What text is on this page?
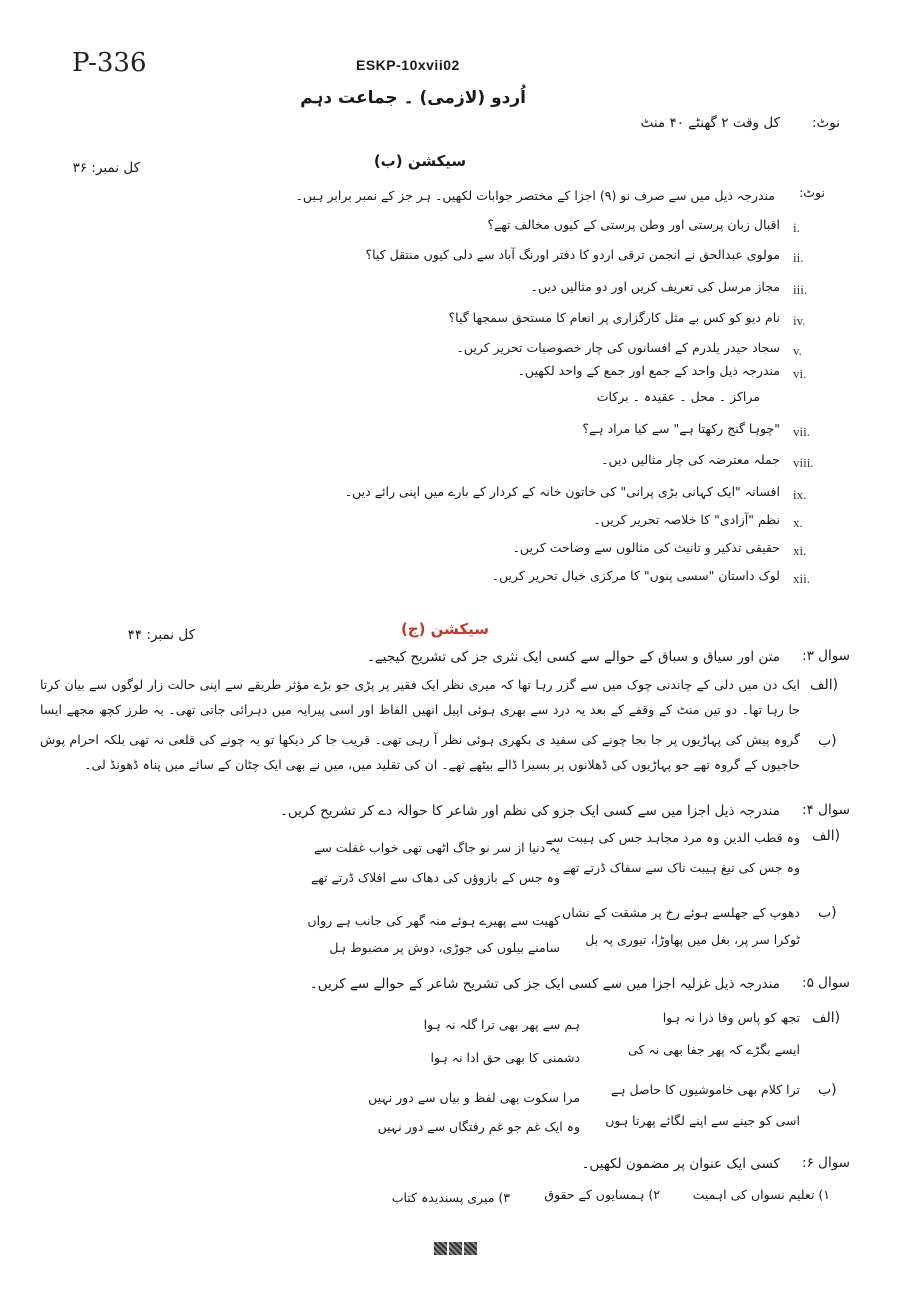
P-336	ESKP-10xvii02
اُردو (لازمی) ۔ جماعت دہم
نوٹ:
کل وقت ۲ گھنٹے ۴۰ منٹ
سیکشن (ب)
کل نمبر: ۳۶
نوٹ:
مندرجہ ذیل میں سے صرف نو (۹) اجزا کے مختصر جوابات لکھیں۔ ہر جز کے نمبر برابر ہیں۔
i.
اقبال زبان پرستی اور وطن پرستی کے کیوں مخالف تھے؟
ii.
مولوی عبدالحق نے انجمن ترقی اردو کا دفتر اورنگ آباد سے دلی کیوں منتقل کیا؟
iii.
مجاز مرسل کی تعریف کریں اور دو مثالیں دیں۔
iv.
نام دیو کو کس بے مثل کارگزاری پر انعام کا مستحق سمجھا گیا؟
v.
سجاد حیدر یلدرم کے افسانوں کی چار خصوصیات تحریر کریں۔
vi.
مندرجہ ذیل واحد کے جمع اور جمع کے واحد لکھیں۔
مراکز ۔ محل ۔ عقیدہ ۔ برکات
vii.
"چوہا گنج رکھتا ہے" سے کیا مراد ہے؟
viii.
جملہ معترضہ کی چار مثالیں دیں۔
ix.
افسانہ "ایک کہانی بڑی پرانی" کی خاتون خانہ کے کردار کے بارے میں اپنی رائے دیں۔
x.
نظم "آزادی" کا خلاصہ تحریر کریں۔
xi.
حقیقی تذکیر و تانیث کی مثالوں سے وضاحت کریں۔
xii.
لوک داستان "سسی پنوں" کا مرکزی خیال تحریر کریں۔
سیکشن (ج)
کل نمبر: ۴۴
سوال ۳:
متن اور سیاق و سباق کے حوالے سے کسی ایک نثری جز کی تشریح کیجیے۔
(الف
ایک دن میں دلی کے چاندنی چوک میں سے گزر رہا تھا کہ میری نظر ایک فقیر پر پڑی جو بڑے مؤثر طریقے سے اپنی حالت زار لوگوں سے بیان کرتا جا رہا تھا۔ دو تین منٹ کے وقفے کے بعد یہ درد سے بھری ہوئی اپیل انھیں الفاظ اور اسی پیرایہ میں دہرائی جاتی تھی۔ یہ طرز کچھ مجھے ایسا
(ب
گروہ پیش کی پہاڑیوں پر جا بجا چونے کی سفید ی بکھری ہوئی نظر آ رہی تھی۔ قریب جا کر دیکھا تو یہ چونے کی قلعی نہ تھی بلکہ احرام پوش حاجیوں کے گروہ تھے جو پہاڑیوں کی ڈھلانوں پر بسیرا ڈالے بیٹھے تھے۔ ان کی تقلید میں، میں نے بھی ایک چٹان کے سائے میں پناہ ڈھونڈ لی۔
سوال ۴:
مندرجہ ذیل اجزا میں سے کسی ایک جزو کی نظم اور شاعر کا حوالہ دے کر تشریح کریں۔
(الف
وہ قطب الدین وہ مرد مجاہد جس کی ہیبت سے
یہ دنیا از سر نو جاگ اٹھی تھی خواب غفلت سے
وہ جس کی تیغ ہیبت ناک سے سفاک ڈرتے تھے
وہ جس کے بازوؤں کی دھاک سے افلاک ڈرتے تھے
(ب
دھوپ کے جھلسے ہوئے رخ پر مشقت کے نشاں
کھیت سے پھیرے ہوئے منہ گھر کی جانب ہے رواں
ٹوکرا سر پر، بغل میں پھاوڑا، تیوری پہ بل
سامنے بیلوں کی جوڑی، دوش پر مضبوط ہل
سوال ۵:
مندرجہ ذیل غزلیہ اجزا میں سے کسی ایک جز کی تشریح شاعر کے حوالے سے کریں۔
(الف
تجھ کو پاس وفا ذرا نہ ہوا
ہم سے پھر بھی ترا گلہ نہ ہوا
ایسے بگڑے کہ پھر جفا بھی نہ کی
دشمنی کا بھی حق ادا نہ ہوا
(ب
ترا کلام بھی خاموشیوں کا حاصل ہے
مرا سکوت بھی لفظ و بیاں سے دور نہیں
اسی کو جینے سے اپنے لگائے پھرتا ہوں
وہ ایک غم جو غم رفتگاں سے دور نہیں
سوال ۶:
کسی ایک عنوان پر مضمون لکھیں۔
۱) تعلیم نسواں کی اہمیت
۲) ہمسایوں کے حقوق
۳) میری پسندیدہ کتاب
